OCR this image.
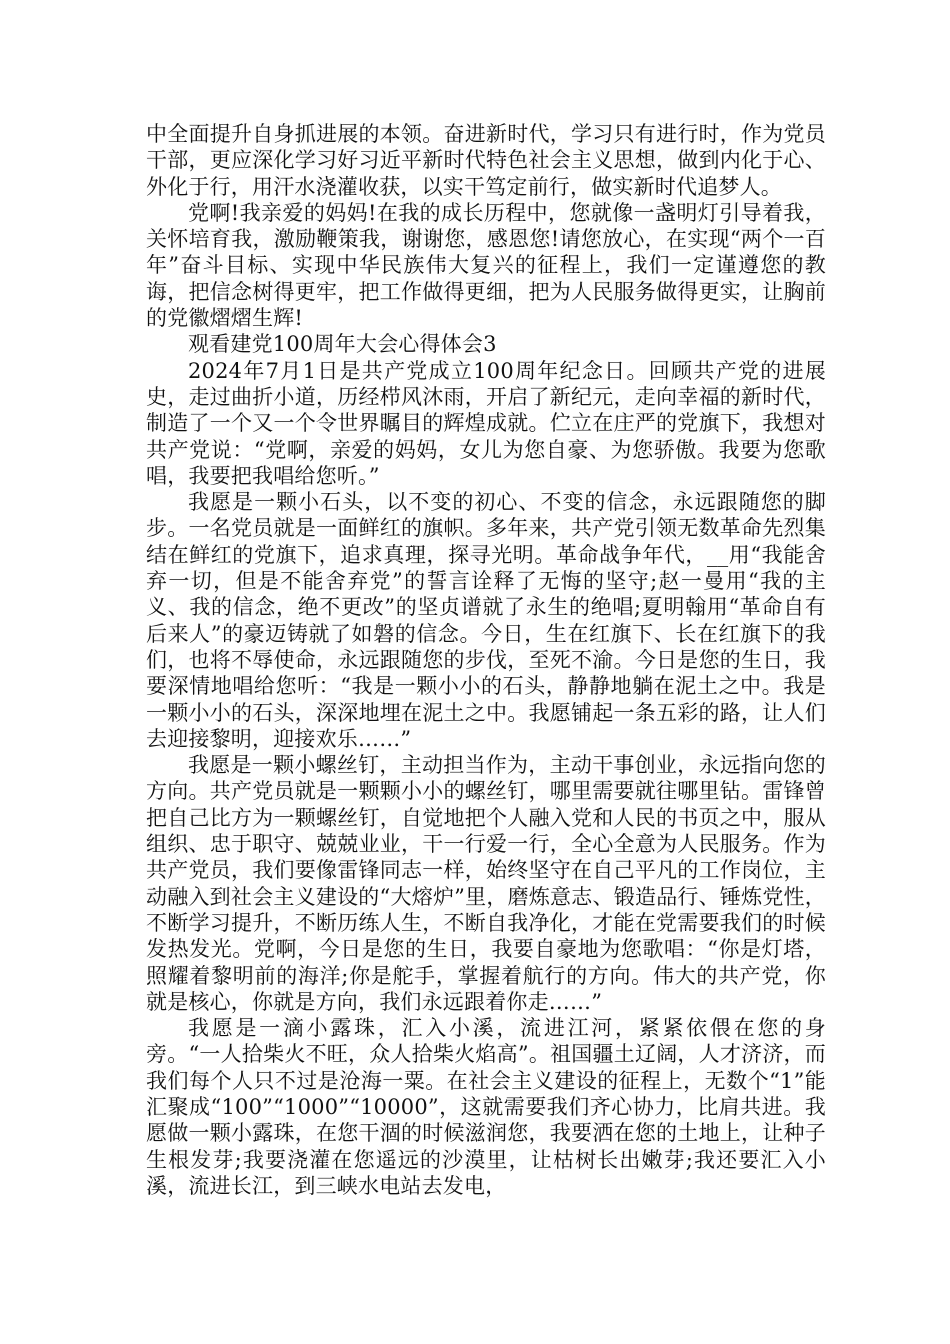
中全面提升自身抓进展的本领。奋进新时代，学习只有进行时，作为党员干部，更应深化学习好习近平新时代特色社会主义思想，做到内化于心、外化于行，用汗水浇灌收获，以实干笃定前行，做实新时代追梦人。

党啊!我亲爱的妈妈!在我的成长历程中，您就像一盏明灯引导着我，关怀培育我，激励鞭策我，谢谢您，感恩您!请您放心，在实现“两个一百年”奋斗目标、实现中华民族伟大复兴的征程上，我们一定谨遵您的教诲，把信念树得更牢，把工作做得更细，把为人民服务做得更实，让胸前的党徽熠熠生辉!

观看建党100周年大会心得体会3

2024年7月1日是共产党成立100周年纪念日。回顾共产党的进展史，走过曲折小道，历经栉风沐雨，开启了新纪元，走向幸福的新时代，制造了一个又一个令世界瞩目的辉煌成就。伫立在庄严的党旗下，我想对共产党说：“党啊，亲爱的妈妈，女儿为您自豪、为您骄傲。我要为您歌唱，我要把我唱给您听。”

我愿是一颗小石头，以不变的初心、不变的信念，永远跟随您的脚步。一名党员就是一面鲜红的旗帜。多年来，共产党引领无数革命先烈集结在鲜红的党旗下，追求真理，探寻光明。革命战争年代，__用“我能舍弃一切，但是不能舍弃党”的誓言诠释了无悔的坚守;赵一曼用“我的主义、我的信念，绝不更改”的坚贞谱就了永生的绝唱;夏明翰用“革命自有后来人”的豪迈铸就了如磐的信念。今日，生在红旗下、长在红旗下的我们，也将不辱使命，永远跟随您的步伐，至死不渝。今日是您的生日，我要深情地唱给您听：“我是一颗小小的石头，静静地躺在泥土之中。我是一颗小小的石头，深深地埋在泥土之中。我愿铺起一条五彩的路，让人们去迎接黎明，迎接欢乐……”

我愿是一颗小螺丝钉，主动担当作为，主动干事创业，永远指向您的方向。共产党员就是一颗颗小小的螺丝钉，哪里需要就往哪里钻。雷锋曾把自己比方为一颗螺丝钉，自觉地把个人融入党和人民的书页之中，服从组织、忠于职守、兢兢业业，干一行爱一行，全心全意为人民服务。作为共产党员，我们要像雷锋同志一样，始终坚守在自己平凡的工作岗位，主动融入到社会主义建设的“大熔炉”里，磨炼意志、锻造品行、锤炼党性，不断学习提升，不断历练人生，不断自我净化，才能在党需要我们的时候发热发光。党啊，今日是您的生日，我要自豪地为您歌唱：“你是灯塔，照耀着黎明前的海洋;你是舵手，掌握着航行的方向。伟大的共产党，你就是核心，你就是方向，我们永远跟着你走……”

我愿是一滴小露珠，汇入小溪，流进江河，紧紧依偎在您的身旁。“一人拾柴火不旺，众人拾柴火焰高”。祖国疆土辽阔，人才济济，而我们每个人只不过是沧海一粟。在社会主义建设的征程上，无数个“1”能汇聚成“100”“1000”“10000”，这就需要我们齐心协力，比肩共进。我愿做一颗小露珠，在您干涸的时候滋润您，我要洒在您的土地上，让种子生根发芽;我要浇灌在您遥远的沙漠里，让枯树长出嫩芽;我还要汇入小溪，流进长江，到三峡水电站去发电，
